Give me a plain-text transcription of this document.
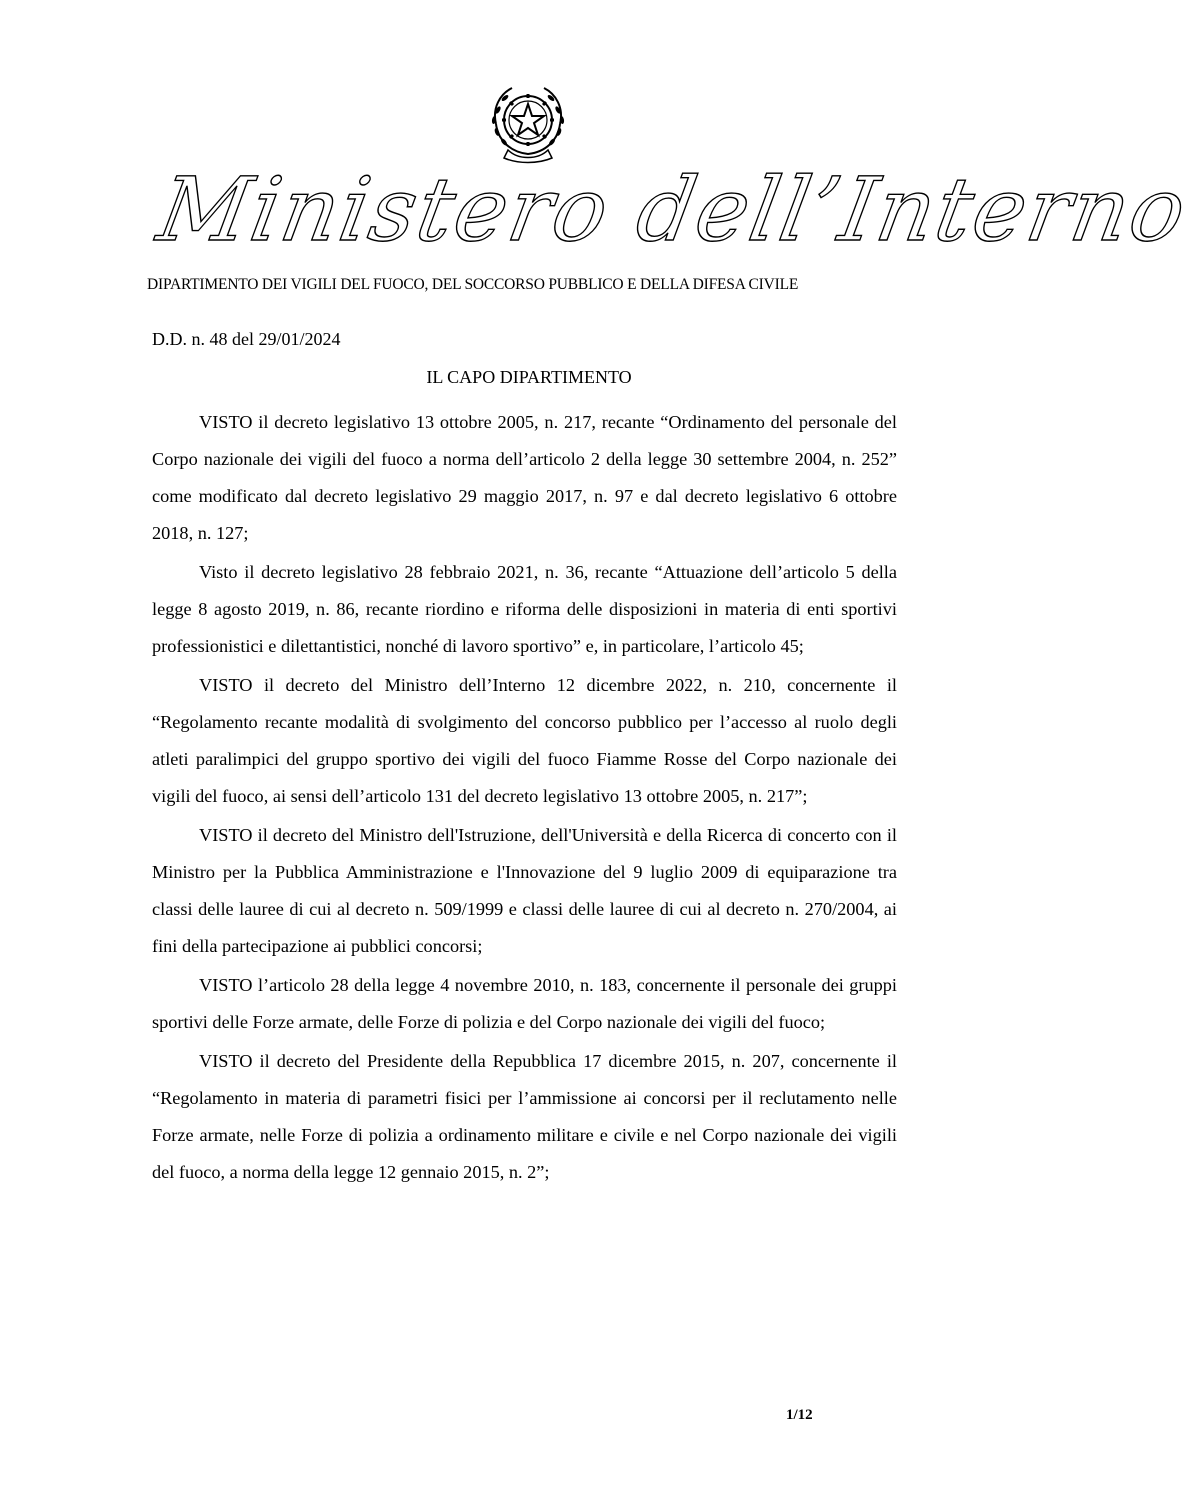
Ministero dell’Interno
DIPARTIMENTO DEI VIGILI DEL FUOCO, DEL SOCCORSO PUBBLICO E DELLA DIFESA CIVILE
D.D. n. 48 del 29/01/2024
IL CAPO DIPARTIMENTO

VISTO il decreto legislativo 13 ottobre 2005, n. 217, recante “Ordinamento del personale del Corpo nazionale dei vigili del fuoco a norma dell’articolo 2 della legge 30 settembre 2004, n. 252” come modificato dal decreto legislativo 29 maggio 2017, n. 97 e dal decreto legislativo 6 ottobre 2018, n. 127;

Visto il decreto legislativo 28 febbraio 2021, n. 36, recante “Attuazione dell’articolo 5 della legge 8 agosto 2019, n. 86, recante riordino e riforma delle disposizioni in materia di enti sportivi professionistici e dilettantistici, nonché di lavoro sportivo” e, in particolare, l’articolo 45;

VISTO il decreto del Ministro dell’Interno 12 dicembre 2022, n. 210, concernente il “Regolamento recante modalità di svolgimento del concorso pubblico per l’accesso al ruolo degli atleti paralimpici del gruppo sportivo dei vigili del fuoco Fiamme Rosse del Corpo nazionale dei vigili del fuoco, ai sensi dell’articolo 131 del decreto legislativo 13 ottobre 2005, n. 217”;

VISTO il decreto del Ministro dell'Istruzione, dell'Università e della Ricerca di concerto con il Ministro per la Pubblica Amministrazione e l'Innovazione del 9 luglio 2009 di equiparazione tra classi delle lauree di cui al decreto n. 509/1999 e classi delle lauree di cui al decreto n. 270/2004, ai fini della partecipazione ai pubblici concorsi;

VISTO l’articolo 28 della legge 4 novembre 2010, n. 183, concernente il personale dei gruppi sportivi delle Forze armate, delle Forze di polizia e del Corpo nazionale dei vigili del fuoco;

VISTO il decreto del Presidente della Repubblica 17 dicembre 2015, n. 207, concernente il “Regolamento in materia di parametri fisici per l’ammissione ai concorsi per il reclutamento nelle Forze armate, nelle Forze di polizia a ordinamento militare e civile e nel Corpo nazionale dei vigili del fuoco, a norma della legge 12 gennaio 2015, n. 2”;

1/12
